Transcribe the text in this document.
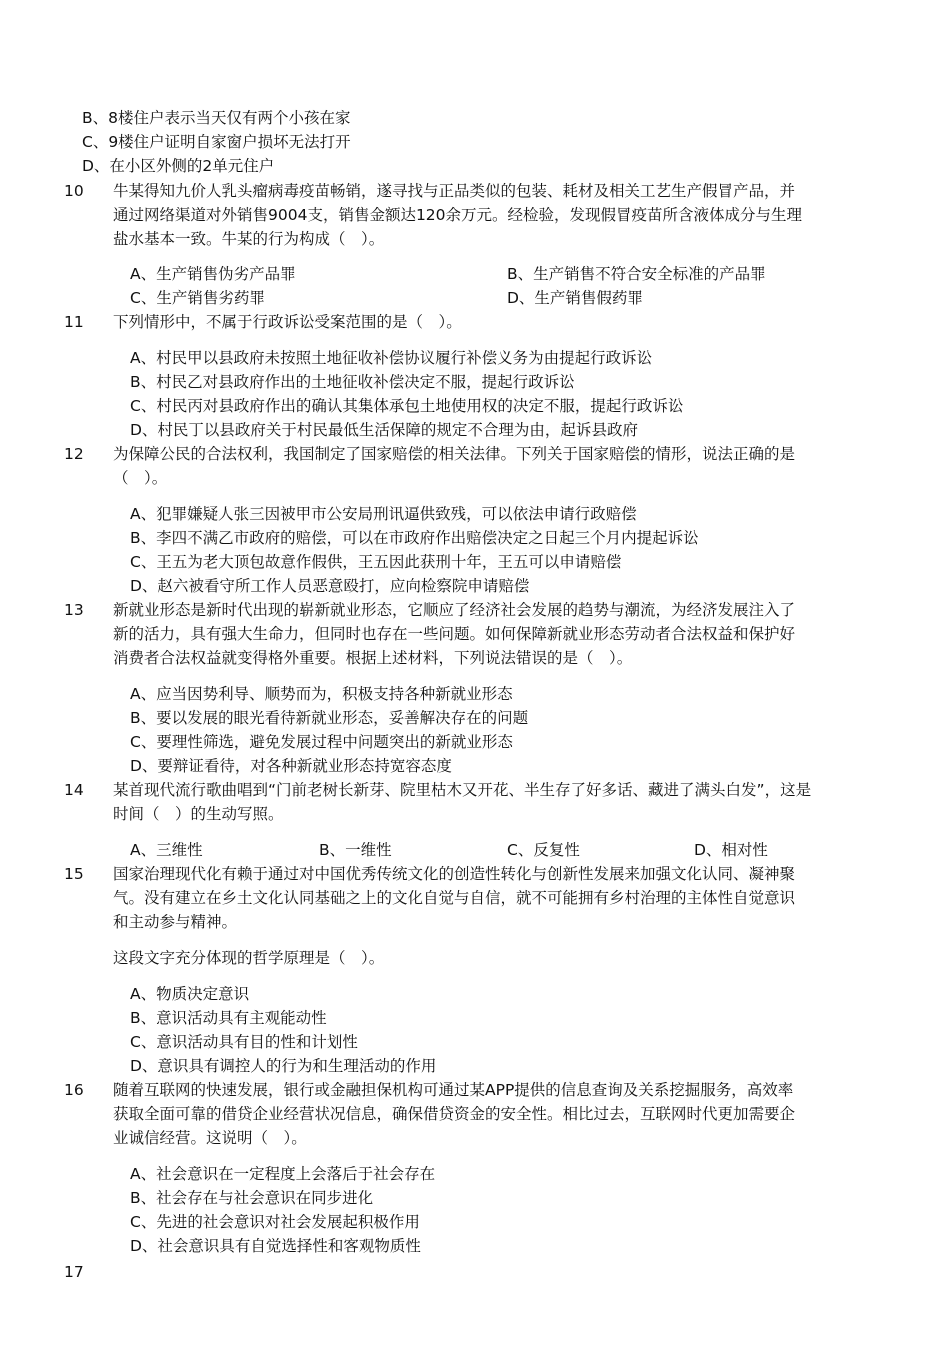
B、8楼住户表示当天仅有两个小孩在家
C、9楼住户证明自家窗户损坏无法打开
D、在小区外侧的2单元住户
10 牛某得知九价人乳头瘤病毒疫苗畅销，遂寻找与正品类似的包装、耗材及相关工艺生产假冒产品，并
通过网络渠道对外销售9004支，销售金额达120余万元。经检验，发现假冒疫苗所含液体成分与生理
盐水基本一致。牛某的行为构成（　）。
A、生产销售伪劣产品罪	B、生产销售不符合安全标准的产品罪
C、生产销售劣药罪	D、生产销售假药罪
11 下列情形中，不属于行政诉讼受案范围的是（　）。
A、村民甲以县政府未按照土地征收补偿协议履行补偿义务为由提起行政诉讼
B、村民乙对县政府作出的土地征收补偿决定不服，提起行政诉讼
C、村民丙对县政府作出的确认其集体承包土地使用权的决定不服，提起行政诉讼
D、村民丁以县政府关于村民最低生活保障的规定不合理为由，起诉县政府
12 为保障公民的合法权利，我国制定了国家赔偿的相关法律。下列关于国家赔偿的情形，说法正确的是
（　）。
A、犯罪嫌疑人张三因被甲市公安局刑讯逼供致残，可以依法申请行政赔偿
B、李四不满乙市政府的赔偿，可以在市政府作出赔偿决定之日起三个月内提起诉讼
C、王五为老大顶包故意作假供，王五因此获刑十年，王五可以申请赔偿
D、赵六被看守所工作人员恶意殴打，应向检察院申请赔偿
13 新就业形态是新时代出现的崭新就业形态，它顺应了经济社会发展的趋势与潮流，为经济发展注入了
新的活力，具有强大生命力，但同时也存在一些问题。如何保障新就业形态劳动者合法权益和保护好
消费者合法权益就变得格外重要。根据上述材料，下列说法错误的是（　）。
A、应当因势利导、顺势而为，积极支持各种新就业形态
B、要以发展的眼光看待新就业形态，妥善解决存在的问题
C、要理性筛选，避免发展过程中问题突出的新就业形态
D、要辩证看待，对各种新就业形态持宽容态度
14 某首现代流行歌曲唱到“门前老树长新芽、院里枯木又开花、半生存了好多话、藏进了满头白发”，这是
时间（　）的生动写照。
A、三维性	B、一维性	C、反复性	D、相对性
15 国家治理现代化有赖于通过对中国优秀传统文化的创造性转化与创新性发展来加强文化认同、凝神聚
气。没有建立在乡土文化认同基础之上的文化自觉与自信，就不可能拥有乡村治理的主体性自觉意识
和主动参与精神。
这段文字充分体现的哲学原理是（　）。
A、物质决定意识
B、意识活动具有主观能动性
C、意识活动具有目的性和计划性
D、意识具有调控人的行为和生理活动的作用
16 随着互联网的快速发展，银行或金融担保机构可通过某APP提供的信息查询及关系挖掘服务，高效率
获取全面可靠的借贷企业经营状况信息，确保借贷资金的安全性。相比过去，互联网时代更加需要企
业诚信经营。这说明（　）。
A、社会意识在一定程度上会落后于社会存在
B、社会存在与社会意识在同步进化
C、先进的社会意识对社会发展起积极作用
D、社会意识具有自觉选择性和客观物质性
17
